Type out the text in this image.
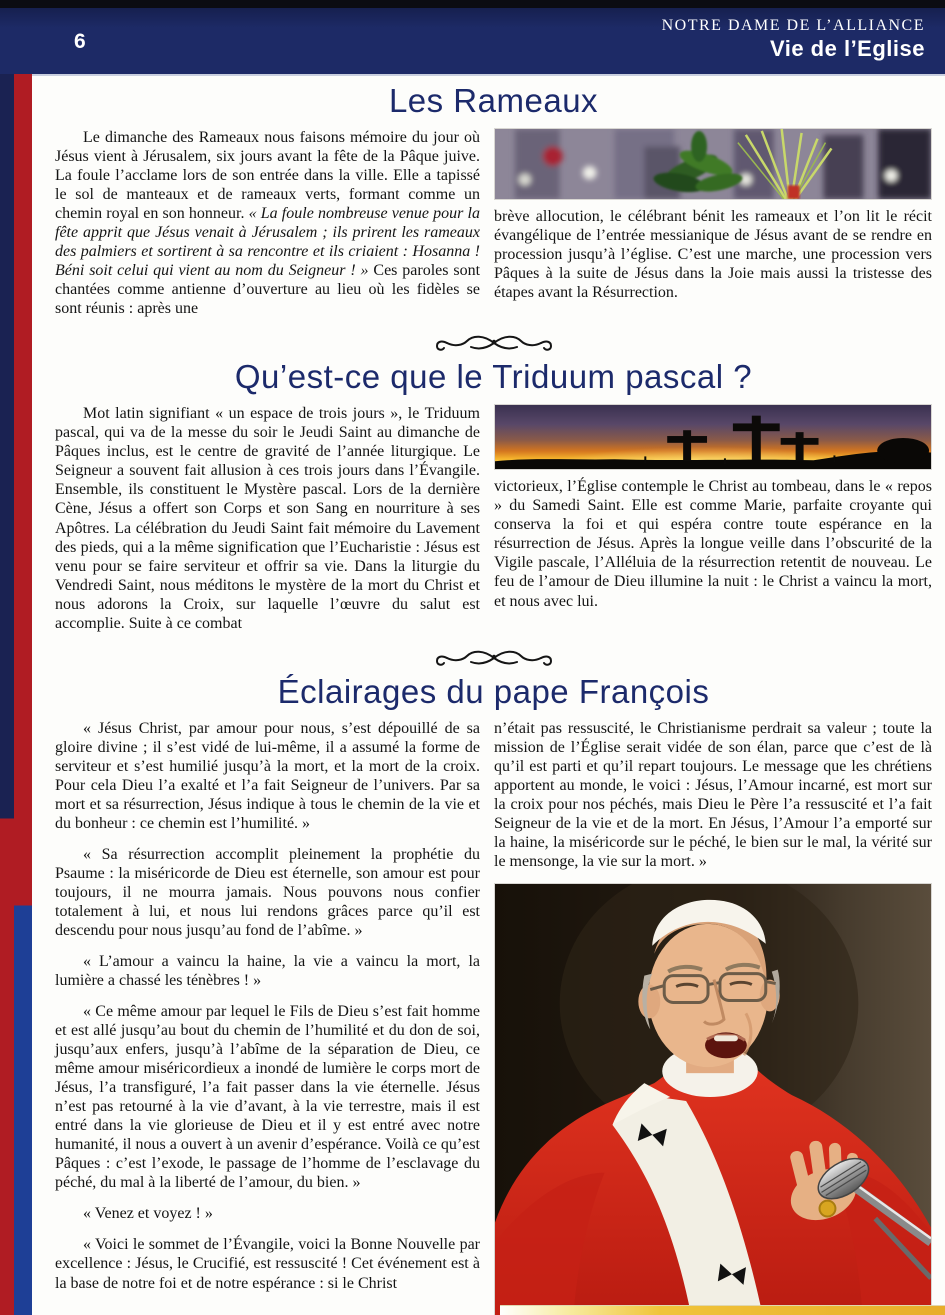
6
NOTRE DAME DE L’ALLIANCE
Vie de l’Eglise
Les Rameaux

Le dimanche des Rameaux nous faisons mémoire du jour où Jésus vient à Jérusalem, six jours avant la fête de la Pâque juive. La foule l’acclame lors de son entrée dans la ville. Elle a tapissé le sol de manteaux et de rameaux verts, formant comme un chemin royal en son honneur. « La foule nombreuse venue pour la fête apprit que Jésus venait à Jérusalem ; ils prirent les rameaux des palmiers et sortirent à sa rencontre et ils criaient : Hosanna ! Béni soit celui qui vient au nom du Seigneur ! » Ces paroles sont chantées comme antienne d’ouverture au lieu où les fidèles se sont réunis : après une

brève allocution, le célébrant bénit les rameaux et l’on lit le récit évangélique de l’entrée messianique de Jésus avant de se rendre en procession jusqu’à l’église. C’est une marche, une procession vers Pâques à la suite de Jésus dans la Joie mais aussi la tristesse des étapes avant la Résurrection.

Qu’est-ce que le Triduum pascal ?

Mot latin signifiant « un espace de trois jours », le Triduum pascal, qui va de la messe du soir le Jeudi Saint au dimanche de Pâques inclus, est le centre de gravité de l’année liturgique. Le Seigneur a souvent fait allusion à ces trois jours dans l’Évangile. Ensemble, ils constituent le Mystère pascal. Lors de la dernière Cène, Jésus a offert son Corps et son Sang en nourriture à ses Apôtres. La célébration du Jeudi Saint fait mémoire du Lavement des pieds, qui a la même signification que l’Eucharistie : Jésus est venu pour se faire serviteur et offrir sa vie. Dans la liturgie du Vendredi Saint, nous méditons le mystère de la mort du Christ et nous adorons la Croix, sur laquelle l’œuvre du salut est accomplie. Suite à ce combat

victorieux, l’Église contemple le Christ au tombeau, dans le « repos » du Samedi Saint. Elle est comme Marie, parfaite croyante qui conserva la foi et qui espéra contre toute espérance en la résurrection de Jésus. Après la longue veille dans l’obscurité de la Vigile pascale, l’Alléluia de la résurrection retentit de nouveau. Le feu de l’amour de Dieu illumine la nuit : le Christ a vaincu la mort, et nous avec lui.

Éclairages du pape François

« Jésus Christ, par amour pour nous, s’est dépouillé de sa gloire divine ; il s’est vidé de lui-même, il a assumé la forme de serviteur et s’est humilié jusqu’à la mort, et la mort de la croix. Pour cela Dieu l’a exalté et l’a fait Seigneur de l’univers. Par sa mort et sa résurrection, Jésus indique à tous le chemin de la vie et du bonheur : ce chemin est l’humilité. »

« Sa résurrection accomplit pleinement la prophétie du Psaume : la miséricorde de Dieu est éternelle, son amour est pour toujours, il ne mourra jamais. Nous pouvons nous confier totalement à lui, et nous lui rendons grâces parce qu’il est descendu pour nous jusqu’au fond de l’abîme. »

« L’amour a vaincu la haine, la vie a vaincu la mort, la lumière a chassé les ténèbres ! »

« Ce même amour par lequel le Fils de Dieu s’est fait homme et est allé jusqu’au bout du chemin de l’humilité et du don de soi, jusqu’aux enfers, jusqu’à l’abîme de la séparation de Dieu, ce même amour miséricordieux a inondé de lumière le corps mort de Jésus, l’a transfiguré, l’a fait passer dans la vie éternelle. Jésus n’est pas retourné à la vie d’avant, à la vie terrestre, mais il est entré dans la vie glorieuse de Dieu et il y est entré avec notre humanité, il nous a ouvert à un avenir d’espérance. Voilà ce qu’est Pâques : c’est l’exode, le passage de l’homme de l’esclavage du péché, du mal à la liberté de l’amour, du bien. »

« Venez et voyez ! »

« Voici le sommet de l’Évangile, voici la Bonne Nouvelle par excellence : Jésus, le Crucifié, est ressuscité ! Cet événement est à la base de notre foi et de notre espérance : si le Christ

n’était pas ressuscité, le Christianisme perdrait sa valeur ; toute la mission de l’Église serait vidée de son élan, parce que c’est de là qu’il est parti et qu’il repart toujours. Le message que les chrétiens apportent au monde, le voici : Jésus, l’Amour incarné, est mort sur la croix pour nos péchés, mais Dieu le Père l’a ressuscité et l’a fait Seigneur de la vie et de la mort. En Jésus, l’Amour l’a emporté sur la haine, la miséricorde sur le péché, le bien sur le mal, la vérité sur le mensonge, la vie sur la mort. »
